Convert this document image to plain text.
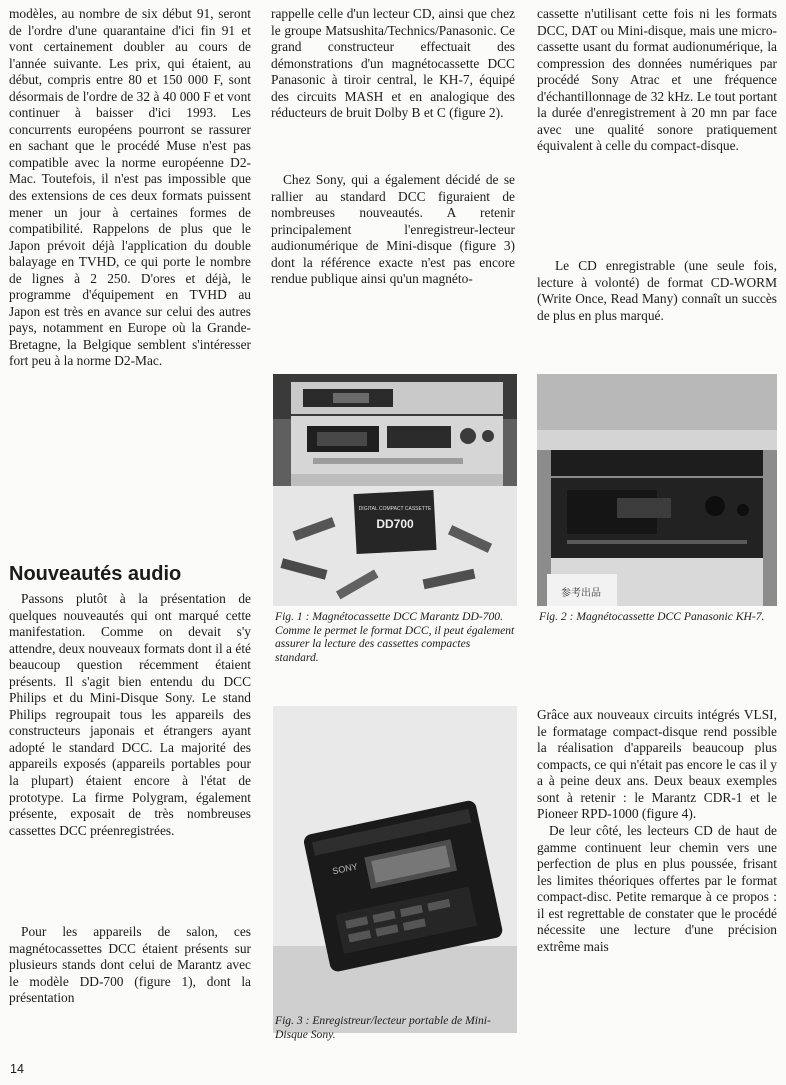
modèles, au nombre de six début 91, seront de l'ordre d'une quarantaine d'ici fin 91 et vont certainement doubler au cours de l'année suivante. Les prix, qui étaient, au début, compris entre 80 et 150 000 F, sont désormais de l'ordre de 32 à 40 000 F et vont continuer à baisser d'ici 1993. Les concurrents européens pourront se rassurer en sachant que le procédé Muse n'est pas compatible avec la norme européenne D2-Mac. Toutefois, il n'est pas impossible que des extensions de ces deux formats puissent mener un jour à certaines formes de compatibilité. Rappelons de plus que le Japon prévoit déjà l'application du double balayage en TVHD, ce qui porte le nombre de lignes à 2 250. D'ores et déjà, le programme d'équipement en TVHD au Japon est très en avance sur celui des autres pays, notamment en Europe où la Grande-Bretagne, la Belgique semblent s'intéresser fort peu à la norme D2-Mac.

Nouveautés audio

Passons plutôt à la présentation de quelques nouveautés qui ont marqué cette manifestation. Comme on devait s'y attendre, deux nouveaux formats dont il a été beaucoup question récemment étaient présents. Il s'agit bien entendu du DCC Philips et du Mini-Disque Sony. Le stand Philips regroupait tous les appareils des constructeurs japonais et étrangers ayant adopté le standard DCC. La majorité des appareils exposés (appareils portables pour la plupart) étaient encore à l'état de prototype. La firme Polygram, également présente, exposait de très nombreuses cassettes DCC préenregistrées.

Pour les appareils de salon, ces magnétocassettes DCC étaient présents sur plusieurs stands dont celui de Marantz avec le modèle DD-700 (figure 1), dont la présentation

rappelle celle d'un lecteur CD, ainsi que chez le groupe Matsushita/Technics/Panasonic. Ce grand constructeur effectuait des démonstrations d'un magnétocassette DCC Panasonic à tiroir central, le KH-7, équipé des circuits MASH et en analogique des réducteurs de bruit Dolby B et C (figure 2).

Chez Sony, qui a également décidé de se rallier au standard DCC figuraient de nombreuses nouveautés. A retenir principalement l'enregistreur-lecteur audionumérique de Mini-disque (figure 3) dont la référence exacte n'est pas encore rendue publique ainsi qu'un magnéto-

cassette n'utilisant cette fois ni les formats DCC, DAT ou Mini-disque, mais une micro-cassette usant du format audionumérique, la compression des données numériques par procédé Sony Atrac et une fréquence d'échantillonnage de 32 kHz. Le tout portant la durée d'enregistrement à 20 mn par face avec une qualité sonore pratiquement équivalent à celle du compact-disque.

Le CD enregistrable (une seule fois, lecture à volonté) de format CD-WORM (Write Once, Read Many) connaît un succès de plus en plus marqué.

Grâce aux nouveaux circuits intégrés VLSI, le formatage compact-disque rend possible la réalisation d'appareils beaucoup plus compacts, ce qui n'était pas encore le cas il y a à peine deux ans. Deux beaux exemples sont à retenir : le Marantz CDR-1 et le Pioneer RPD-1000 (figure 4).

De leur côté, les lecteurs CD de haut de gamme continuent leur chemin vers une perfection de plus en plus poussée, frisant les limites théoriques offertes par le format compact-disc. Petite remarque à ce propos : il est regrettable de constater que le procédé nécessite une lecture d'une précision extrême mais

DIGITAL COMPACT CASSETTE
DD700

Fig. 1 : Magnétocassette DCC Marantz DD-700. Comme le permet le format DCC, il peut également assurer la lecture des cassettes compactes standard.

参考出品

Fig. 2 : Magnétocassette DCC Panasonic KH-7.

SONY

Fig. 3 : Enregistreur/lecteur portable de Mini-Disque Sony.

14
